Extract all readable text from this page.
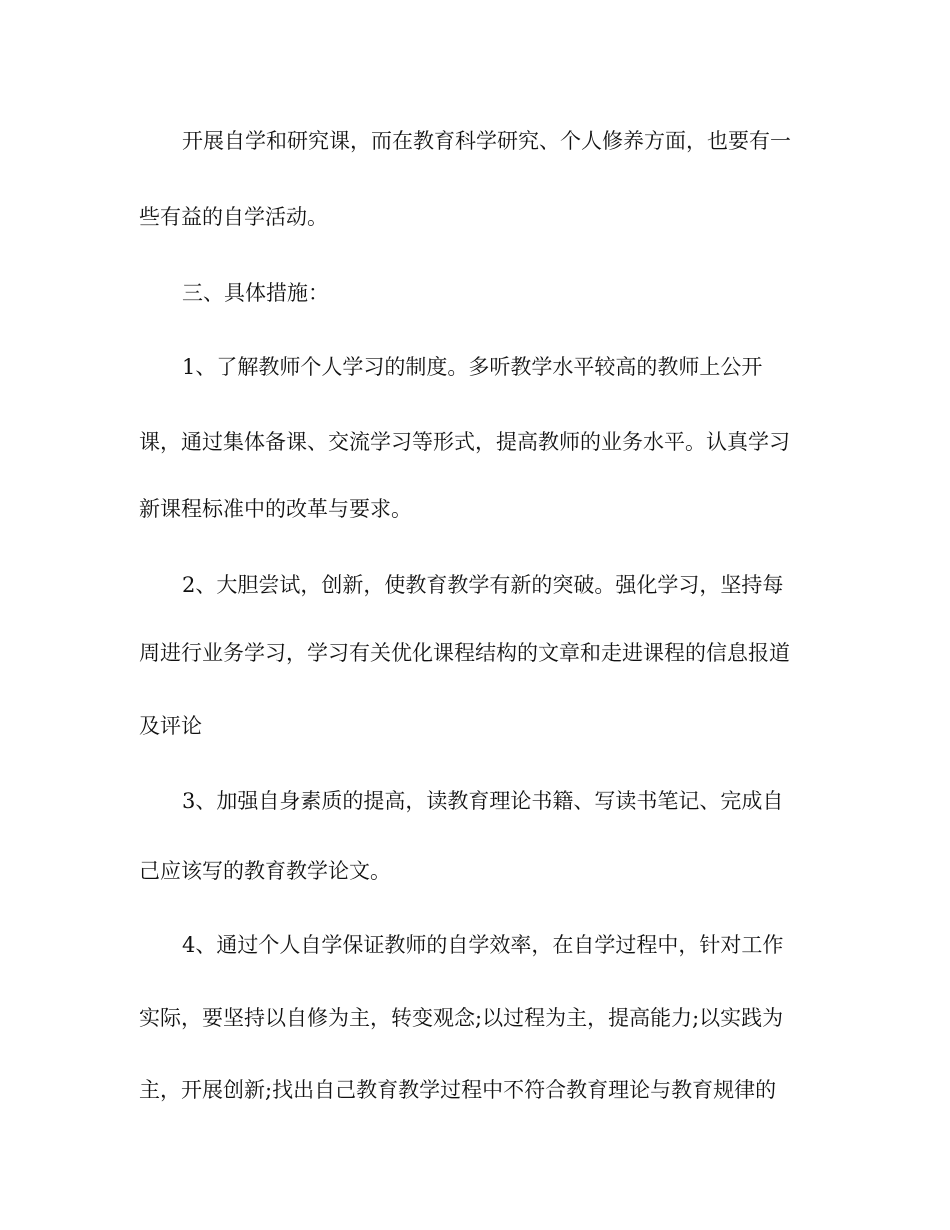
开展自学和研究课，而在教育科学研究、个人修养方面，也要有一
些有益的自学活动。
三、具体措施：
1、了解教师个人学习的制度。多听教学水平较高的教师上公开
课，通过集体备课、交流学习等形式，提高教师的业务水平。认真学习
新课程标准中的改革与要求。
2、大胆尝试，创新，使教育教学有新的突破。强化学习，坚持每
周进行业务学习，学习有关优化课程结构的文章和走进课程的信息报道
及评论
3、加强自身素质的提高，读教育理论书籍、写读书笔记、完成自
己应该写的教育教学论文。
4、通过个人自学保证教师的自学效率，在自学过程中，针对工作
实际，要坚持以自修为主，转变观念;以过程为主，提高能力;以实践为
主，开展创新;找出自己教育教学过程中不符合教育理论与教育规律的
